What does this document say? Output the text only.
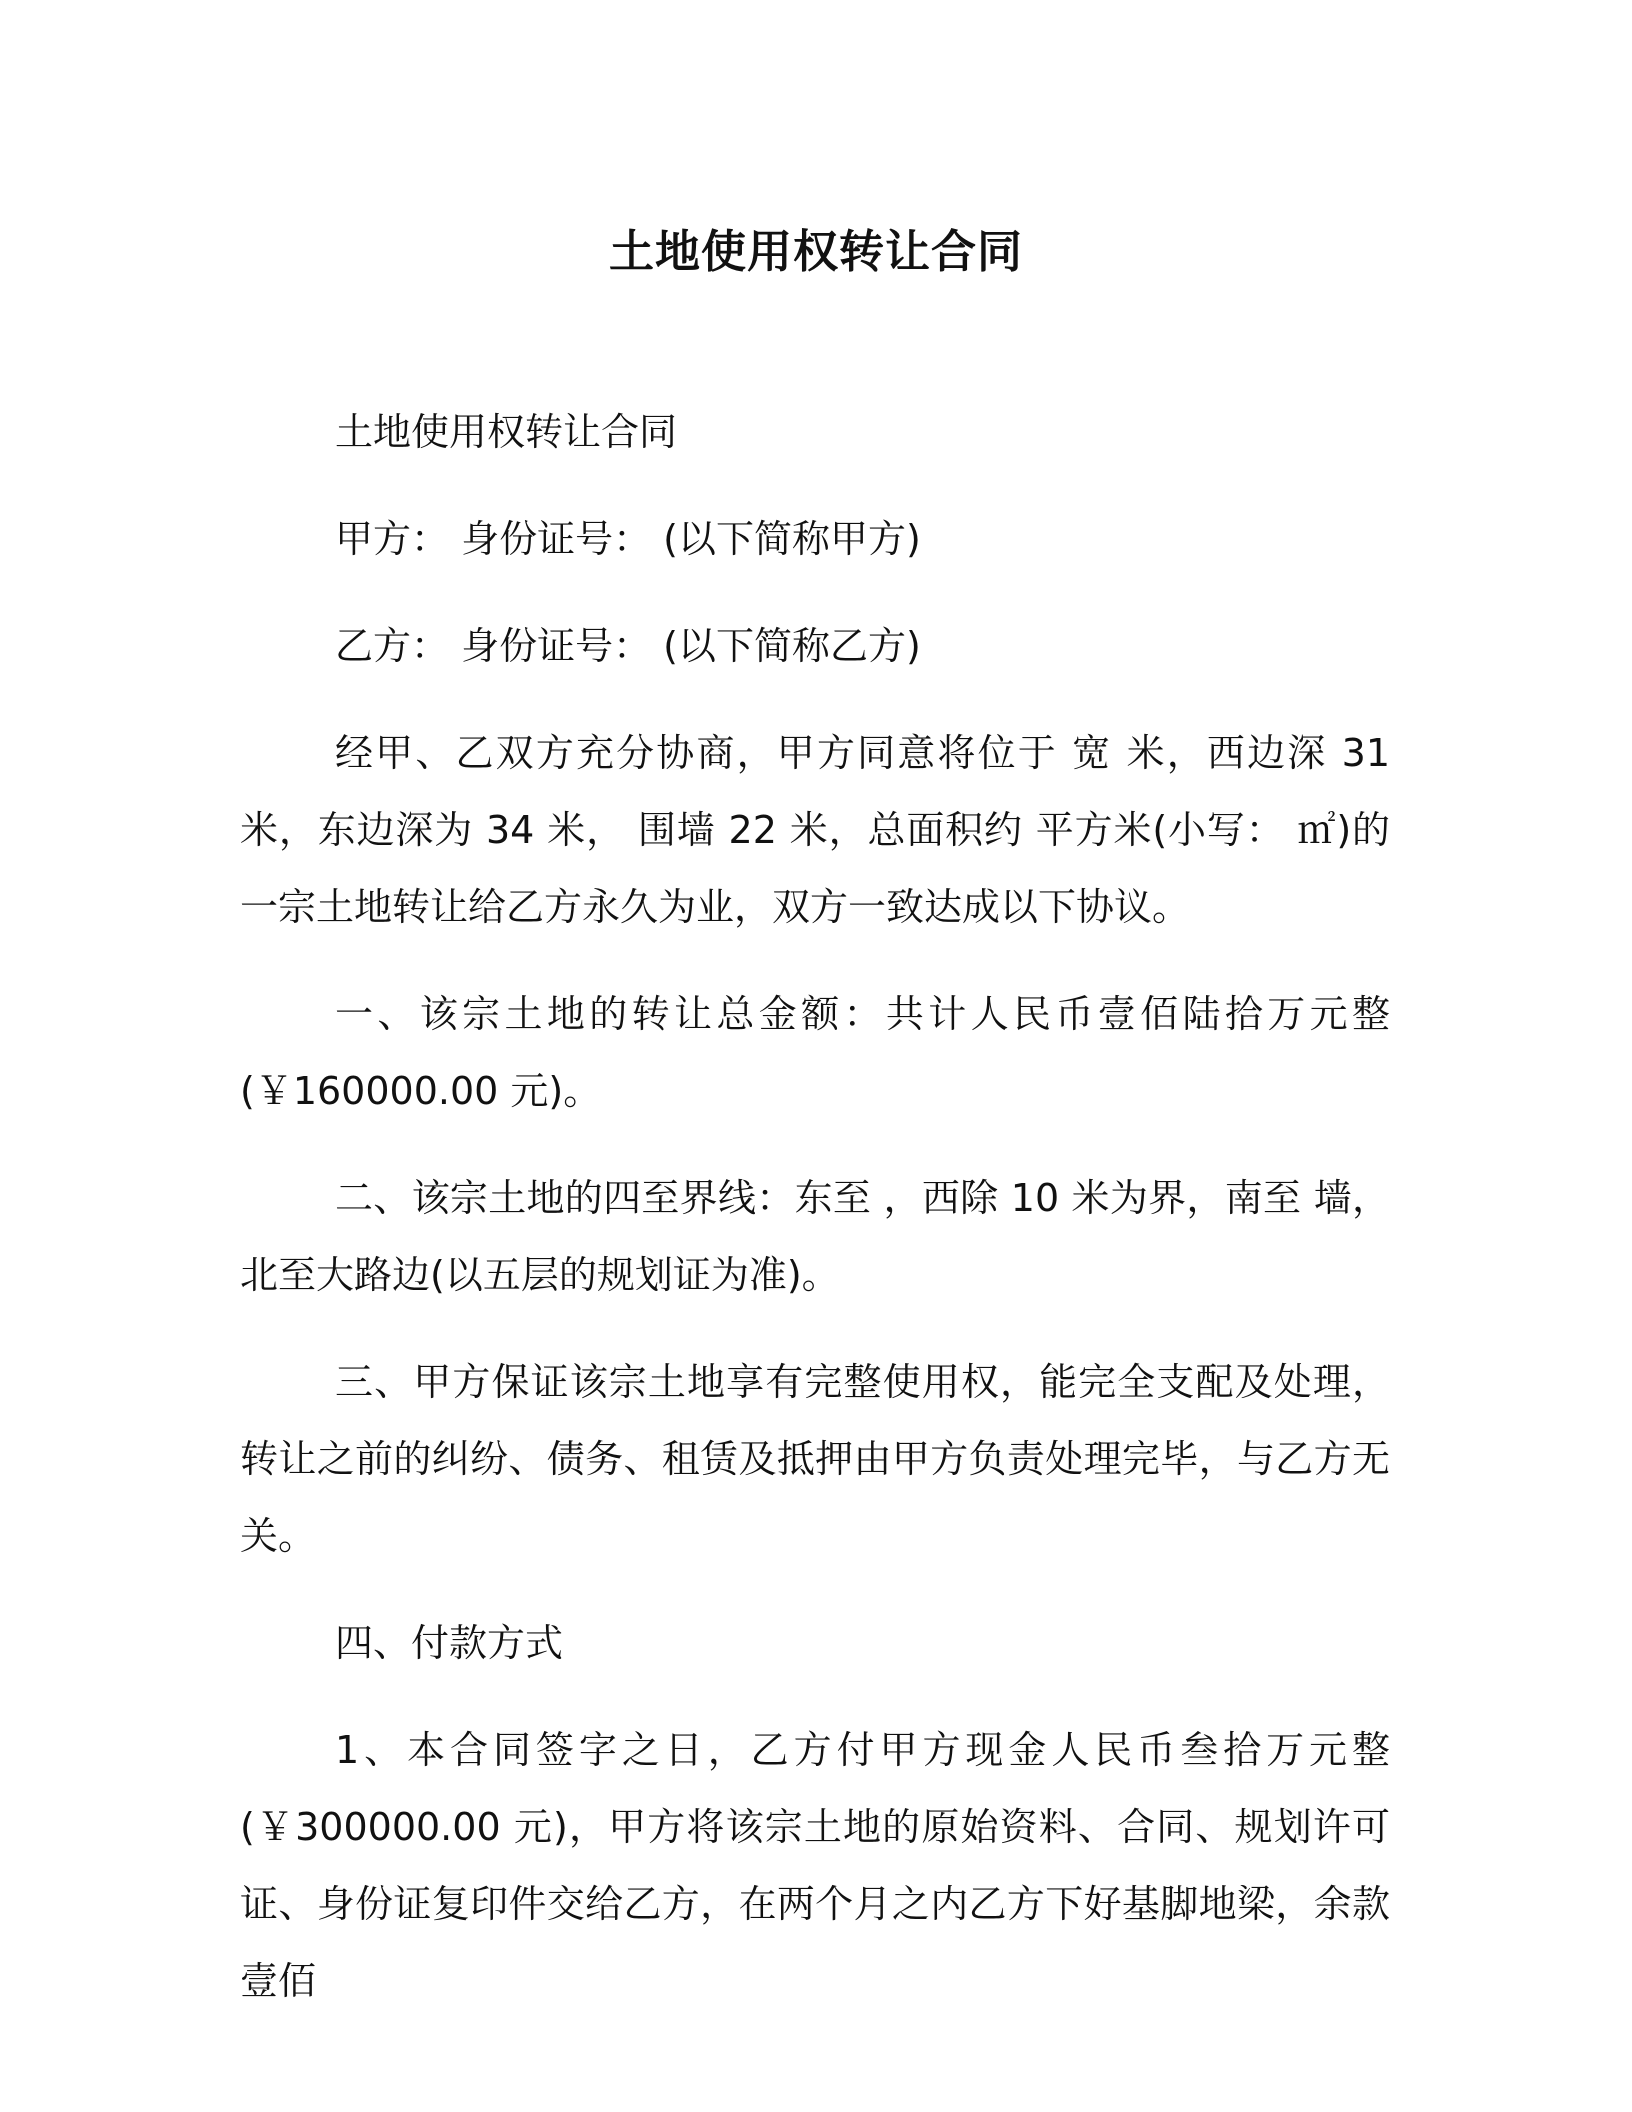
土地使用权转让合同

土地使用权转让合同

甲方： 身份证号： (以下简称甲方)

乙方： 身份证号： (以下简称乙方)

经甲、乙双方充分协商，甲方同意将位于 宽 米，西边深 31 米，东边深为 34 米， 围墙 22 米，总面积约 平方米(小写： ㎡)的一宗土地转让给乙方永久为业，双方一致达成以下协议。

一、该宗土地的转让总金额：共计人民币壹佰陆拾万元整(￥160000.00 元)。

二、该宗土地的四至界线：东至 ，西除 10 米为界，南至 墙，北至大路边(以五层的规划证为准)。

三、甲方保证该宗土地享有完整使用权，能完全支配及处理，转让之前的纠纷、债务、租赁及抵押由甲方负责处理完毕，与乙方无关。

四、付款方式

1、本合同签字之日，乙方付甲方现金人民币叁拾万元整(￥300000.00 元)，甲方将该宗土地的原始资料、合同、规划许可证、身份证复印件交给乙方，在两个月之内乙方下好基脚地梁，余款壹佰
